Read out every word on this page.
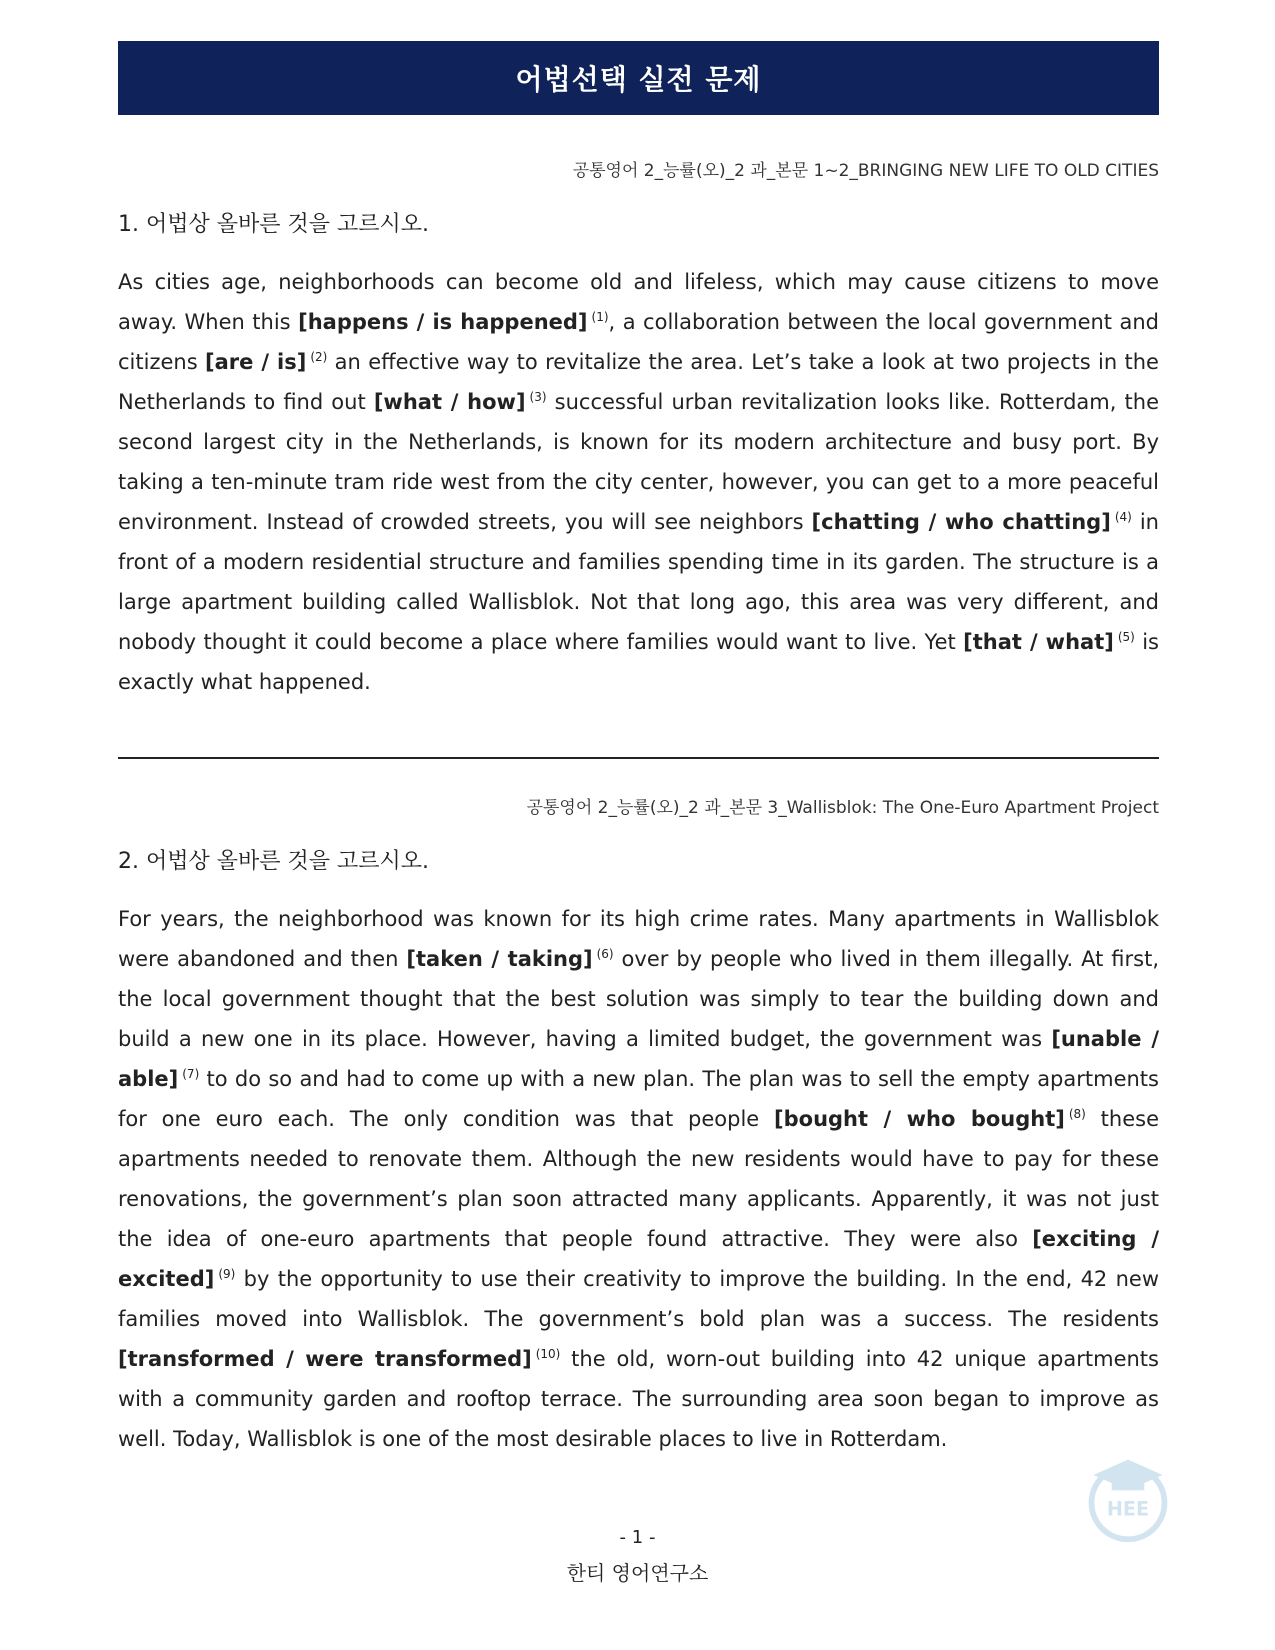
어법선택 실전 문제
공통영어 2_능률(오)_2 과_본문 1~2_BRINGING NEW LIFE TO OLD CITIES
1. 어법상 올바른 것을 고르시오.

As cities age, neighborhoods can become old and lifeless, which may cause citizens to move away. When this [happens / is happened] $^{(1)}$, a collaboration between the local government and citizens [are / is] $^{(2)}$ an effective way to revitalize the area. Let’s take a look at two projects in the Netherlands to find out [what / how] $^{(3)}$ successful urban revitalization looks like. Rotterdam, the second largest city in the Netherlands, is known for its modern architecture and busy port. By taking a ten-minute tram ride west from the city center, however, you can get to a more peaceful environment. Instead of crowded streets, you will see neighbors [chatting / who chatting] $^{(4)}$ in front of a modern residential structure and families spending time in its garden. The structure is a large apartment building called Wallisblok. Not that long ago, this area was very different, and nobody thought it could become a place where families would want to live. Yet [that / what] $^{(5)}$ is exactly what happened.

공통영어 2_능률(오)_2 과_본문 3_Wallisblok: The One-Euro Apartment Project
2. 어법상 올바른 것을 고르시오.

For years, the neighborhood was known for its high crime rates. Many apartments in Wallisblok were abandoned and then [taken / taking] $^{(6)}$ over by people who lived in them illegally. At first, the local government thought that the best solution was simply to tear the building down and build a new one in its place. However, having a limited budget, the government was [unable / able] $^{(7)}$ to do so and had to come up with a new plan. The plan was to sell the empty apartments for one euro each. The only condition was that people [bought / who bought] $^{(8)}$ these apartments needed to renovate them. Although the new residents would have to pay for these renovations, the government’s plan soon attracted many applicants. Apparently, it was not just the idea of one-euro apartments that people found attractive. They were also [exciting / excited] $^{(9)}$ by the opportunity to use their creativity to improve the building. In the end, 42 new families moved into Wallisblok. The government’s bold plan was a success. The residents [transformed / were transformed] $^{(10)}$ the old, worn-out building into 42 unique apartments with a community garden and rooftop terrace. The surrounding area soon began to improve as well. Today, Wallisblok is one of the most desirable places to live in Rotterdam.

HEE
- 1 -
한티 영어연구소
